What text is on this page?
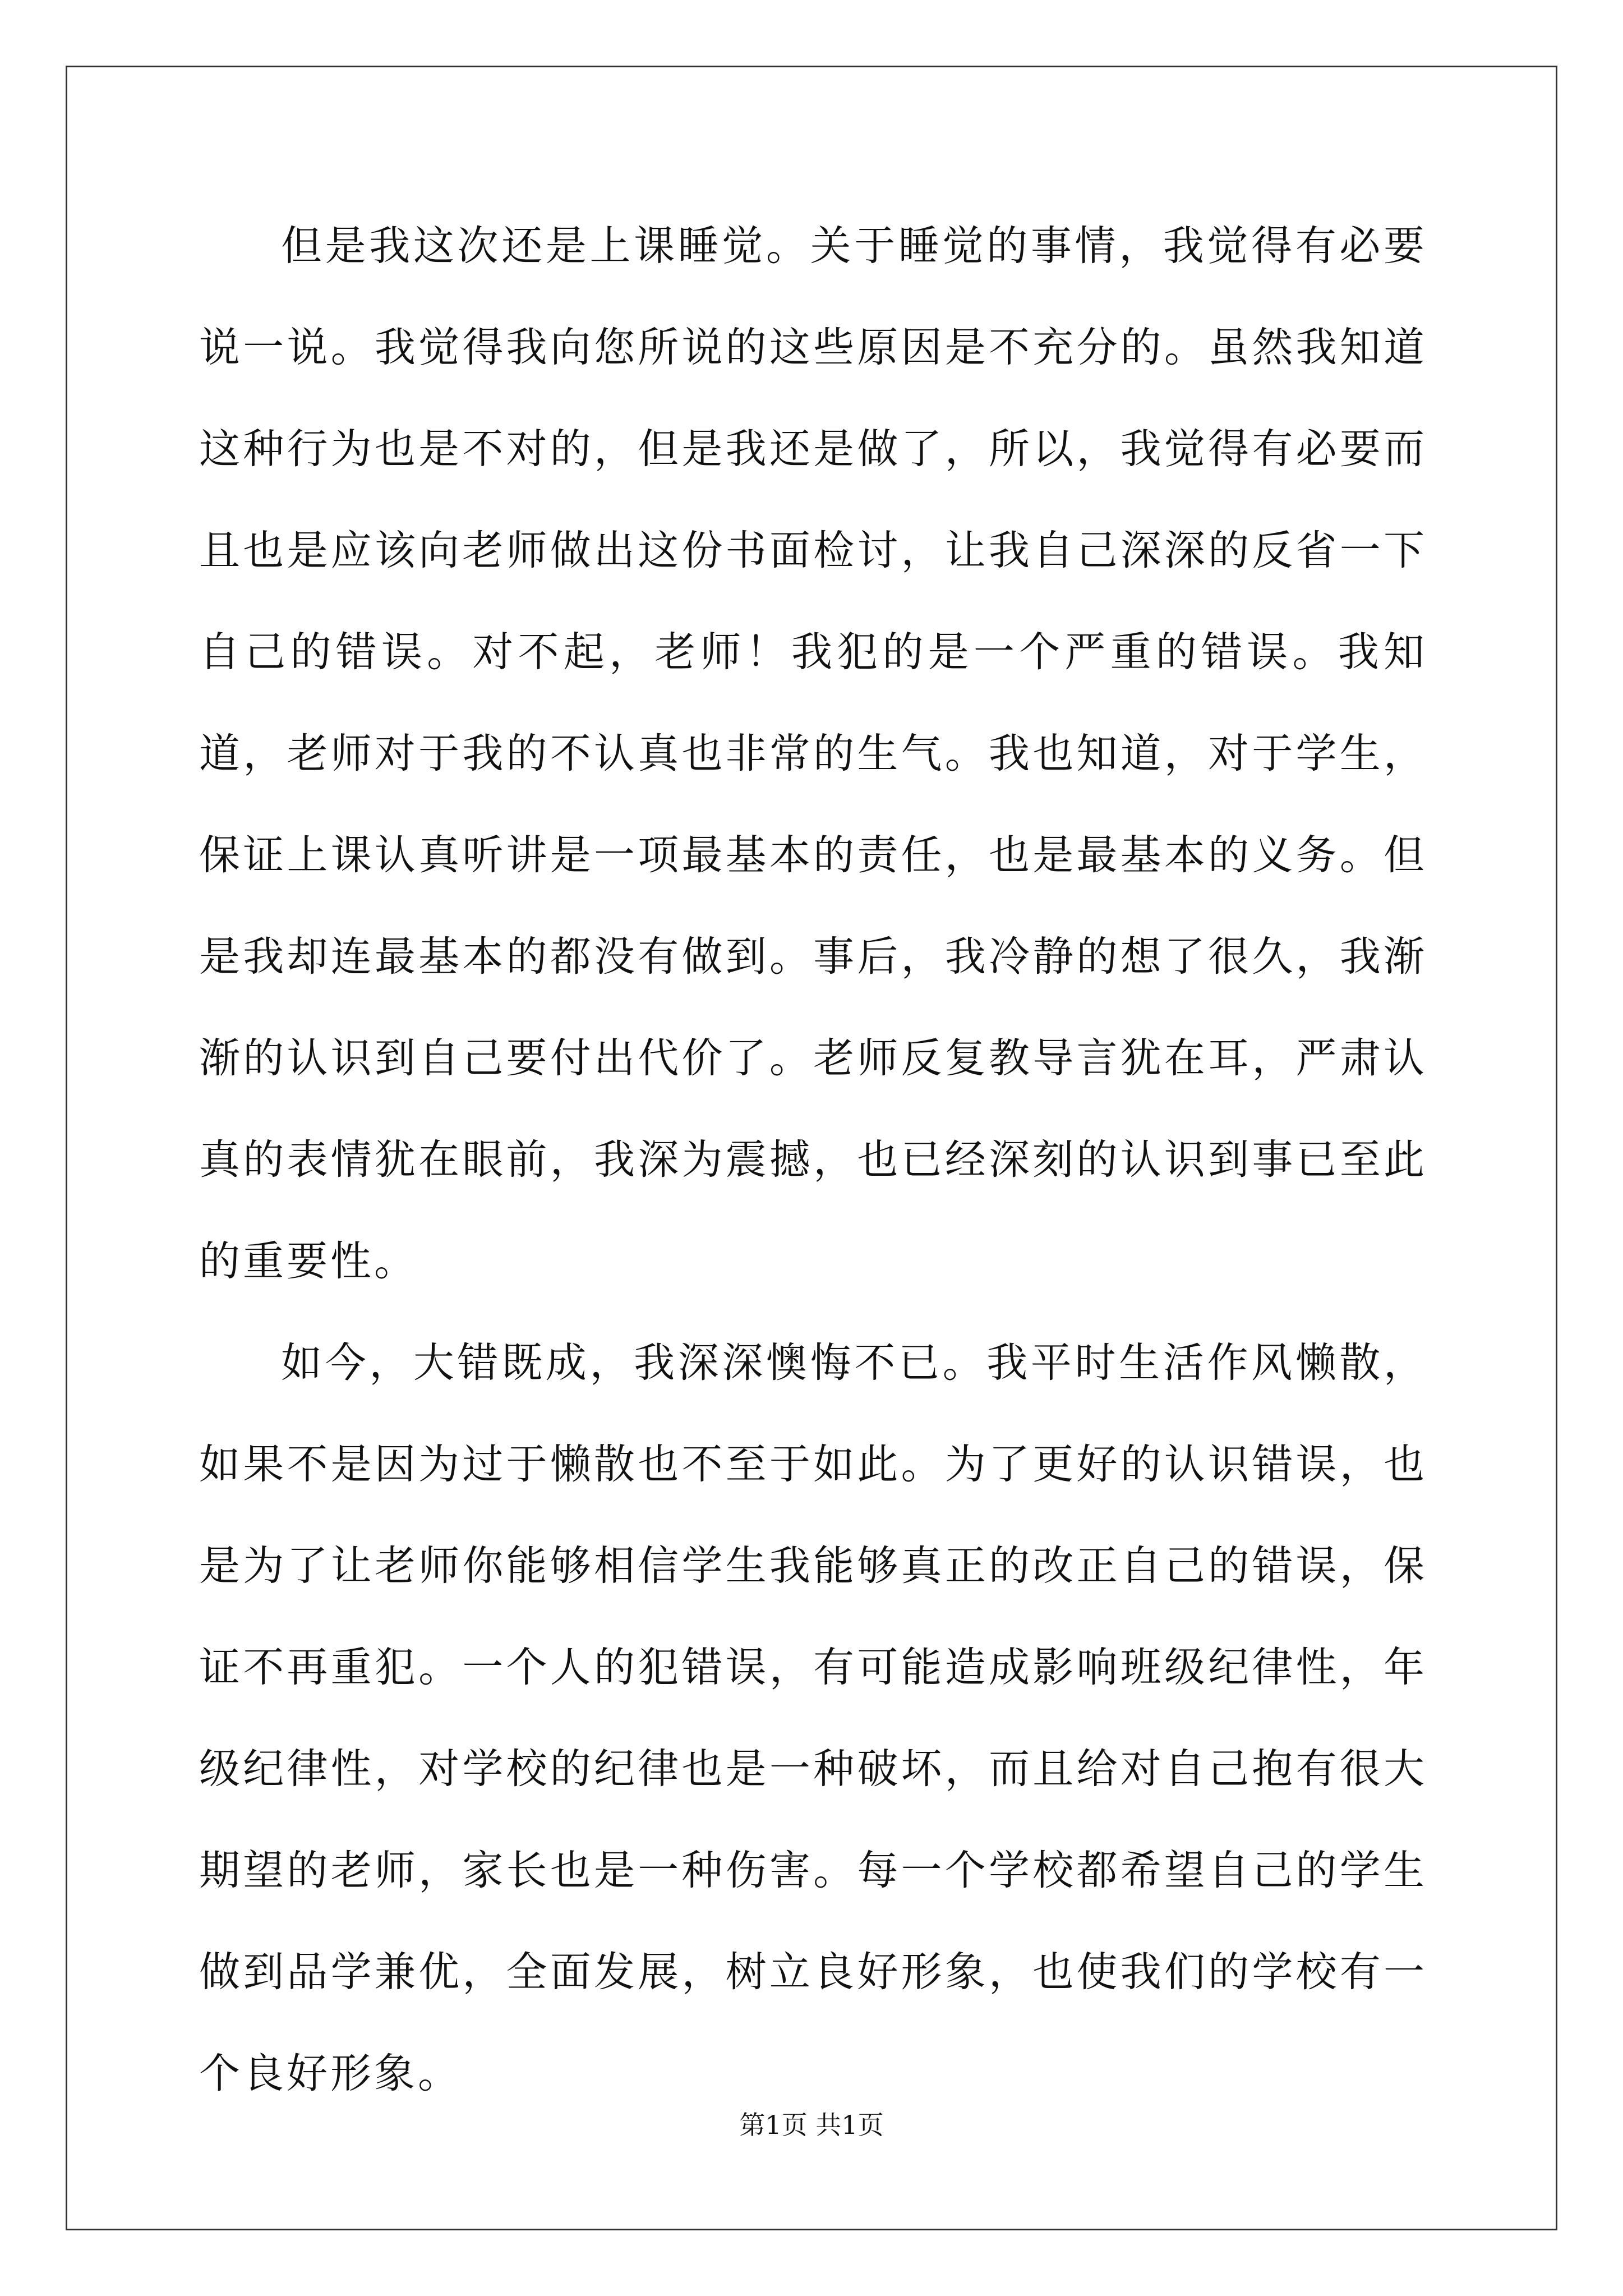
但是我这次还是上课睡觉。关于睡觉的事情，我觉得有必要说一说。我觉得我向您所说的这些原因是不充分的。虽然我知道这种行为也是不对的，但是我还是做了，所以，我觉得有必要而且也是应该向老师做出这份书面检讨，让我自己深深的反省一下自己的错误。对不起，老师！我犯的是一个严重的错误。我知道，老师对于我的不认真也非常的生气。我也知道，对于学生，保证上课认真听讲是一项最基本的责任，也是最基本的义务。但是我却连最基本的都没有做到。事后，我冷静的想了很久，我渐渐的认识到自己要付出代价了。老师反复教导言犹在耳，严肃认真的表情犹在眼前，我深为震撼，也已经深刻的认识到事已至此的重要性。

如今，大错既成，我深深懊悔不已。我平时生活作风懒散，如果不是因为过于懒散也不至于如此。为了更好的认识错误，也是为了让老师你能够相信学生我能够真正的改正自己的错误，保证不再重犯。一个人的犯错误，有可能造成影响班级纪律性，年级纪律性，对学校的纪律也是一种破坏，而且给对自己抱有很大期望的老师，家长也是一种伤害。每一个学校都希望自己的学生做到品学兼优，全面发展，树立良好形象，也使我们的学校有一个良好形象。

第1页 共1页
